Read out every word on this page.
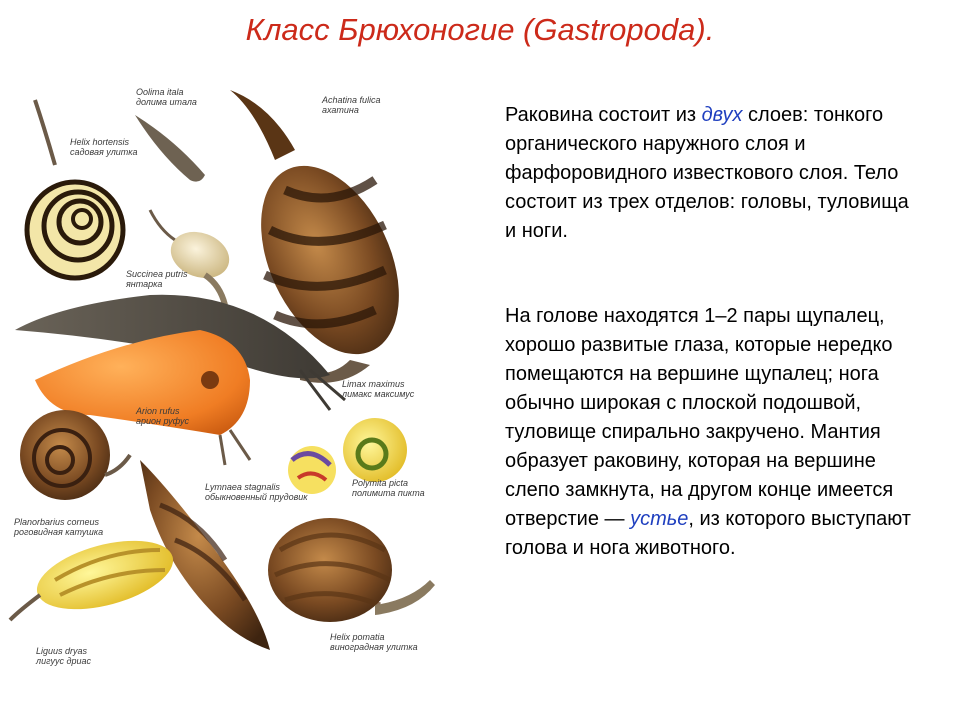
Класс Брюхоногие (Gastropoda).
Oolima itala
долима итала	Achatina fulica
ахатина
Helix hortensis
садовая улитка
Succinea putris
янтарка
Limax maximus
лимакс максимус
Arion rufus
арион руфус
Lymnaea stagnalis
обыкновенный прудовик
Polymita picta
полимита пикта
Planorbarius corneus
роговидная катушка
Liguus dryas
лигуус дриас
Helix pomatia
виноградная улитка
Раковина состоит из двух слоев: тонкого органического наружного слоя и фарфоровидного известкового слоя. Тело состоит из трех отделов: головы, туловища и ноги.
На голове находятся 1–2 пары щупалец, хорошо развитые глаза, которые нередко помещаются на вершине щупалец; нога обычно широкая с плоской подошвой, туловище спирально закручено. Мантия образует раковину, которая на вершине слепо замкнута, на другом конце имеется отверстие — устье, из которого выступают голова и нога животного.
